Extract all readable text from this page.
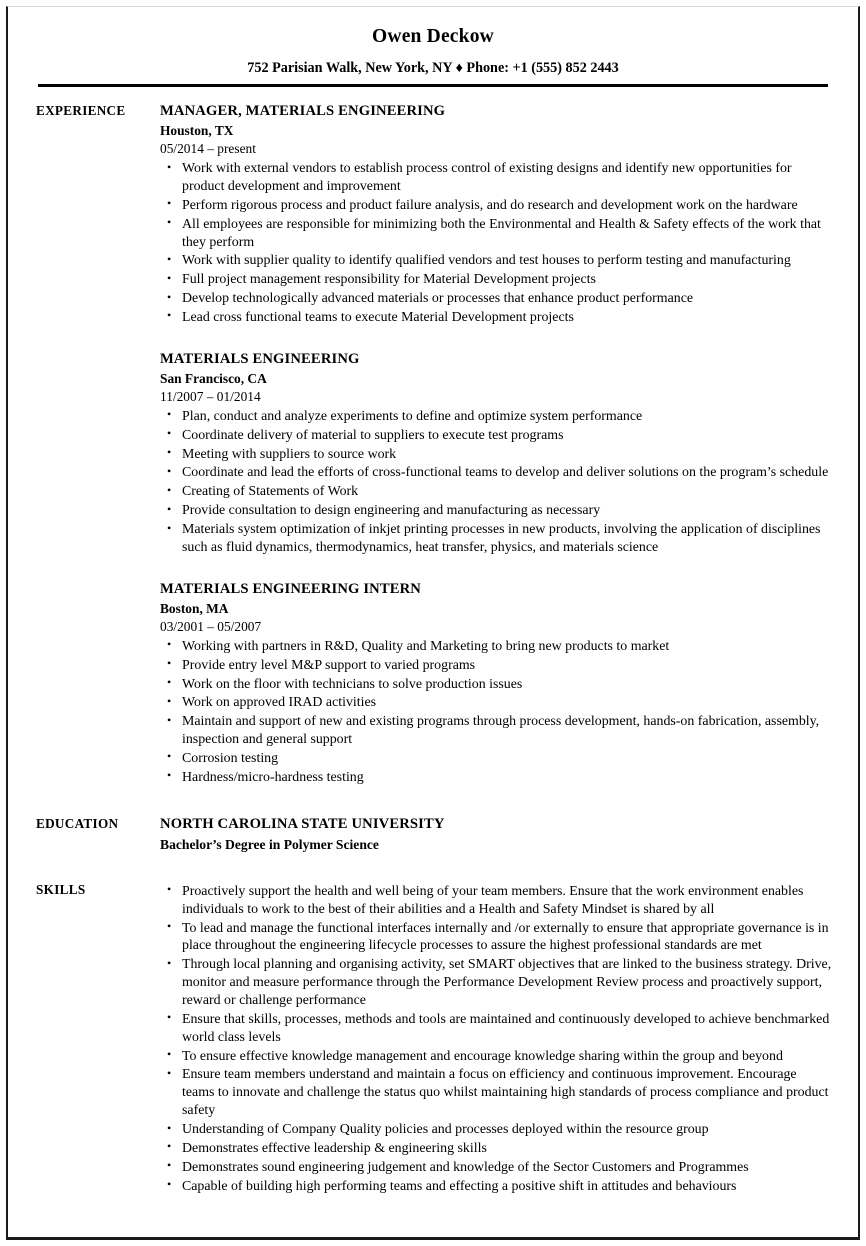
Owen Deckow
752 Parisian Walk, New York, NY ♦ Phone: +1 (555) 852 2443
EXPERIENCE	MANAGER, MATERIALS ENGINEERING
Houston, TX
05/2014 – present
• Work with external vendors to establish process control of existing designs and identify new opportunities for product development and improvement
• Perform rigorous process and product failure analysis, and do research and development work on the hardware
• All employees are responsible for minimizing both the Environmental and Health & Safety effects of the work that they perform
• Work with supplier quality to identify qualified vendors and test houses to perform testing and manufacturing
• Full project management responsibility for Material Development projects
• Develop technologically advanced materials or processes that enhance product performance
• Lead cross functional teams to execute Material Development projects
MATERIALS ENGINEERING
San Francisco, CA
11/2007 – 01/2014
• Plan, conduct and analyze experiments to define and optimize system performance
• Coordinate delivery of material to suppliers to execute test programs
• Meeting with suppliers to source work
• Coordinate and lead the efforts of cross-functional teams to develop and deliver solutions on the program’s schedule
• Creating of Statements of Work
• Provide consultation to design engineering and manufacturing as necessary
• Materials system optimization of inkjet printing processes in new products, involving the application of disciplines such as fluid dynamics, thermodynamics, heat transfer, physics, and materials science
MATERIALS ENGINEERING INTERN
Boston, MA
03/2001 – 05/2007
• Working with partners in R&D, Quality and Marketing to bring new products to market
• Provide entry level M&P support to varied programs
• Work on the floor with technicians to solve production issues
• Work on approved IRAD activities
• Maintain and support of new and existing programs through process development, hands-on fabrication, assembly, inspection and general support
• Corrosion testing
• Hardness/micro-hardness testing
EDUCATION	NORTH CAROLINA STATE UNIVERSITY
Bachelor’s Degree in Polymer Science
SKILLS	• Proactively support the health and well being of your team members. Ensure that the work environment enables individuals to work to the best of their abilities and a Health and Safety Mindset is shared by all
• To lead and manage the functional interfaces internally and /or externally to ensure that appropriate governance is in place throughout the engineering lifecycle processes to assure the highest professional standards are met
• Through local planning and organising activity, set SMART objectives that are linked to the business strategy. Drive, monitor and measure performance through the Performance Development Review process and proactively support, reward or challenge performance
• Ensure that skills, processes, methods and tools are maintained and continuously developed to achieve benchmarked world class levels
• To ensure effective knowledge management and encourage knowledge sharing within the group and beyond
• Ensure team members understand and maintain a focus on efficiency and continuous improvement. Encourage teams to innovate and challenge the status quo whilst maintaining high standards of process compliance and product safety
• Understanding of Company Quality policies and processes deployed within the resource group
• Demonstrates effective leadership & engineering skills
• Demonstrates sound engineering judgement and knowledge of the Sector Customers and Programmes
• Capable of building high performing teams and effecting a positive shift in attitudes and behaviours
